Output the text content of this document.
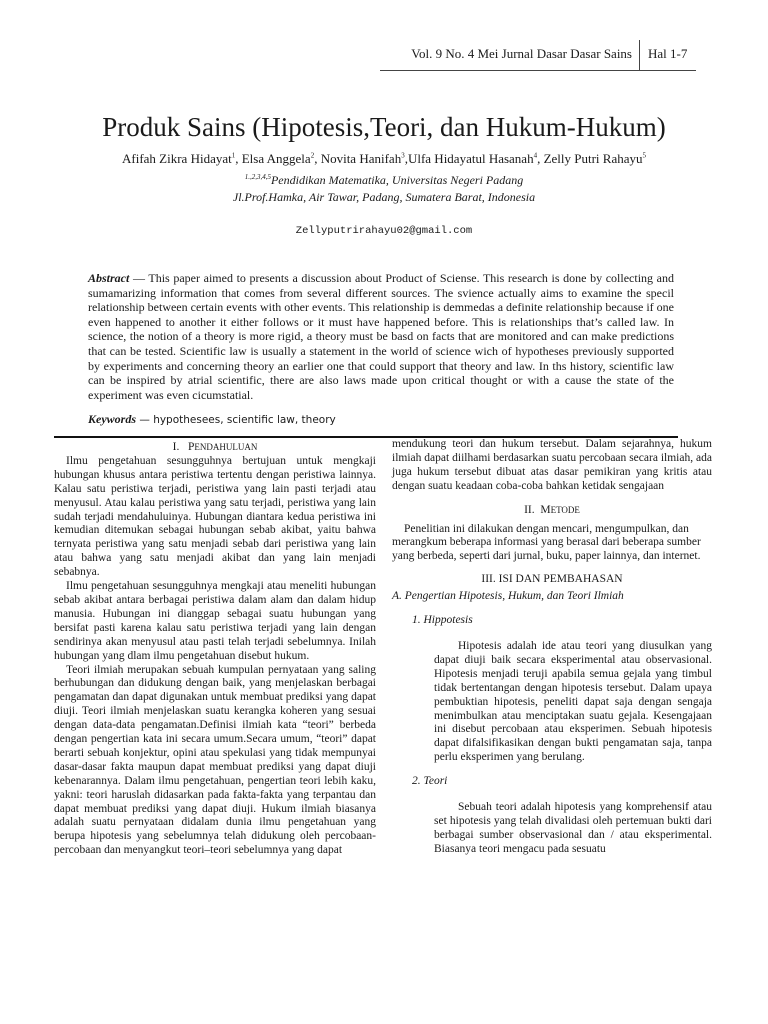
Vol. 9 No. 4 Mei Jurnal Dasar Dasar Sains Hal 1-7
Produk Sains (Hipotesis,Teori, dan Hukum-Hukum)
Afifah Zikra Hidayat$^1$, Elsa Anggela$^2$, Novita Hanifah$^3$,Ulfa Hidayatul Hasanah$^4$, Zelly Putri Rahayu$^5$
$^{1.,2,3,4,5}$Pendidikan Matematika, Universitas Negeri Padang
Jl.Prof.Hamka, Air Tawar, Padang, Sumatera Barat, Indonesia
Zellyputrirahayu02@gmail.com
Abstract — This paper aimed to presents a discussion about Product of Sciense. This research is done by collecting and sumamarizing information that comes from several different sources. The svience actually aims to examine the specil relationship between certain events with other events. This relationship is demmedas a definite relationship because if one even happened to another it either follows or it must have happened before. This is relationships that’s called law. In science, the notion of a theory is more rigid, a theory must be basd on facts that are monitored and can make predictions that can be tested. Scientific law is usually a statement in the world of science wich of hypotheses previously supported by experiments and concerning theory an earlier one that could support that theory and law. In ths history, scientific law can be inspired by atrial scientific, there are also laws made upon critical thought or with a cause the state of the experiment was even cicumstatial.
Keywords — hypothesees, scientific law, theory
I. PENDAHULUAN

Ilmu pengetahuan sesungguhnya bertujuan untuk mengkaji hubungan khusus antara peristiwa tertentu dengan peristiwa lainnya. Kalau satu peristiwa terjadi, peristiwa yang lain pasti terjadi atau menyusul. Atau kalau peristiwa yang satu terjadi, peristiwa yang lain sudah terjadi mendahuluinya. Hubungan diantara kedua peristiwa ini kemudian ditemukan sebagai hubungan sebab akibat, yaitu bahwa ternyata peristiwa yang satu menjadi sebab dari peristiwa yang lain atau bahwa yang satu menjadi akibat dan yang lain menjadi sebabnya.

Ilmu pengetahuan sesungguhnya mengkaji atau meneliti hubungan sebab akibat antara berbagai peristiwa dalam alam dan dalam hidup manusia. Hubungan ini dianggap sebagai suatu hubungan yang bersifat pasti karena kalau satu peristiwa terjadi yang lain dengan sendirinya akan menyusul atau pasti telah terjadi sebelumnya. Inilah hubungan yang dlam ilmu pengetahuan disebut hukum.

Teori ilmiah merupakan sebuah kumpulan pernyataan yang saling berhubungan dan didukung dengan baik, yang menjelaskan berbagai pengamatan dan dapat digunakan untuk membuat prediksi yang dapat diuji. Teori ilmiah menjelaskan suatu kerangka koheren yang sesuai dengan data-data pengamatan.Definisi ilmiah kata “teori” berbeda dengan pengertian kata ini secara umum.Secara umum, “teori” dapat berarti sebuah konjektur, opini atau spekulasi yang tidak mempunyai dasar-dasar fakta maupun dapat membuat prediksi yang dapat diuji kebenarannya. Dalam ilmu pengetahuan, pengertian teori lebih kaku, yakni: teori haruslah didasarkan pada fakta-fakta yang terpantau dan dapat membuat prediksi yang dapat diuji. Hukum ilmiah biasanya adalah suatu pernyataan didalam dunia ilmu pengetahuan yang berupa hipotesis yang sebelumnya telah didukung oleh percobaan-percobaan dan menyangkut teori–teori sebelumnya yang dapat

mendukung teori dan hukum tersebut. Dalam sejarahnya, hukum ilmiah dapat diilhami berdasarkan suatu percobaan secara ilmiah, ada juga hukum tersebut dibuat atas dasar pemikiran yang kritis atau dengan suatu keadaan coba-coba bahkan ketidak sengajaan

II. METODE

Penelitian ini dilakukan dengan mencari, mengumpulkan, dan merangkum beberapa informasi yang berasal dari beberapa sumber yang berbeda, seperti dari jurnal, buku, paper lainnya, dan internet.

III. ISI DAN PEMBAHASAN
A. Pengertian Hipotesis, Hukum, dan Teori Ilmiah
1. Hippotesis

Hipotesis adalah ide atau teori yang diusulkan yang dapat diuji baik secara eksperimental atau observasional. Hipotesis menjadi teruji apabila semua gejala yang timbul tidak bertentangan dengan hipotesis tersebut. Dalam upaya pembuktian hipotesis, peneliti dapat saja dengan sengaja menimbulkan atau menciptakan suatu gejala. Kesengajaan ini disebut percobaan atau eksperimen. Sebuah hipotesis dapat difalsifikasikan dengan bukti pengamatan saja, tanpa perlu eksperimen yang berulang.

2. Teori

Sebuah teori adalah hipotesis yang komprehensif atau set hipotesis yang telah divalidasi oleh pertemuan bukti dari berbagai sumber observasional dan / atau eksperimental. Biasanya teori mengacu pada sesuatu
